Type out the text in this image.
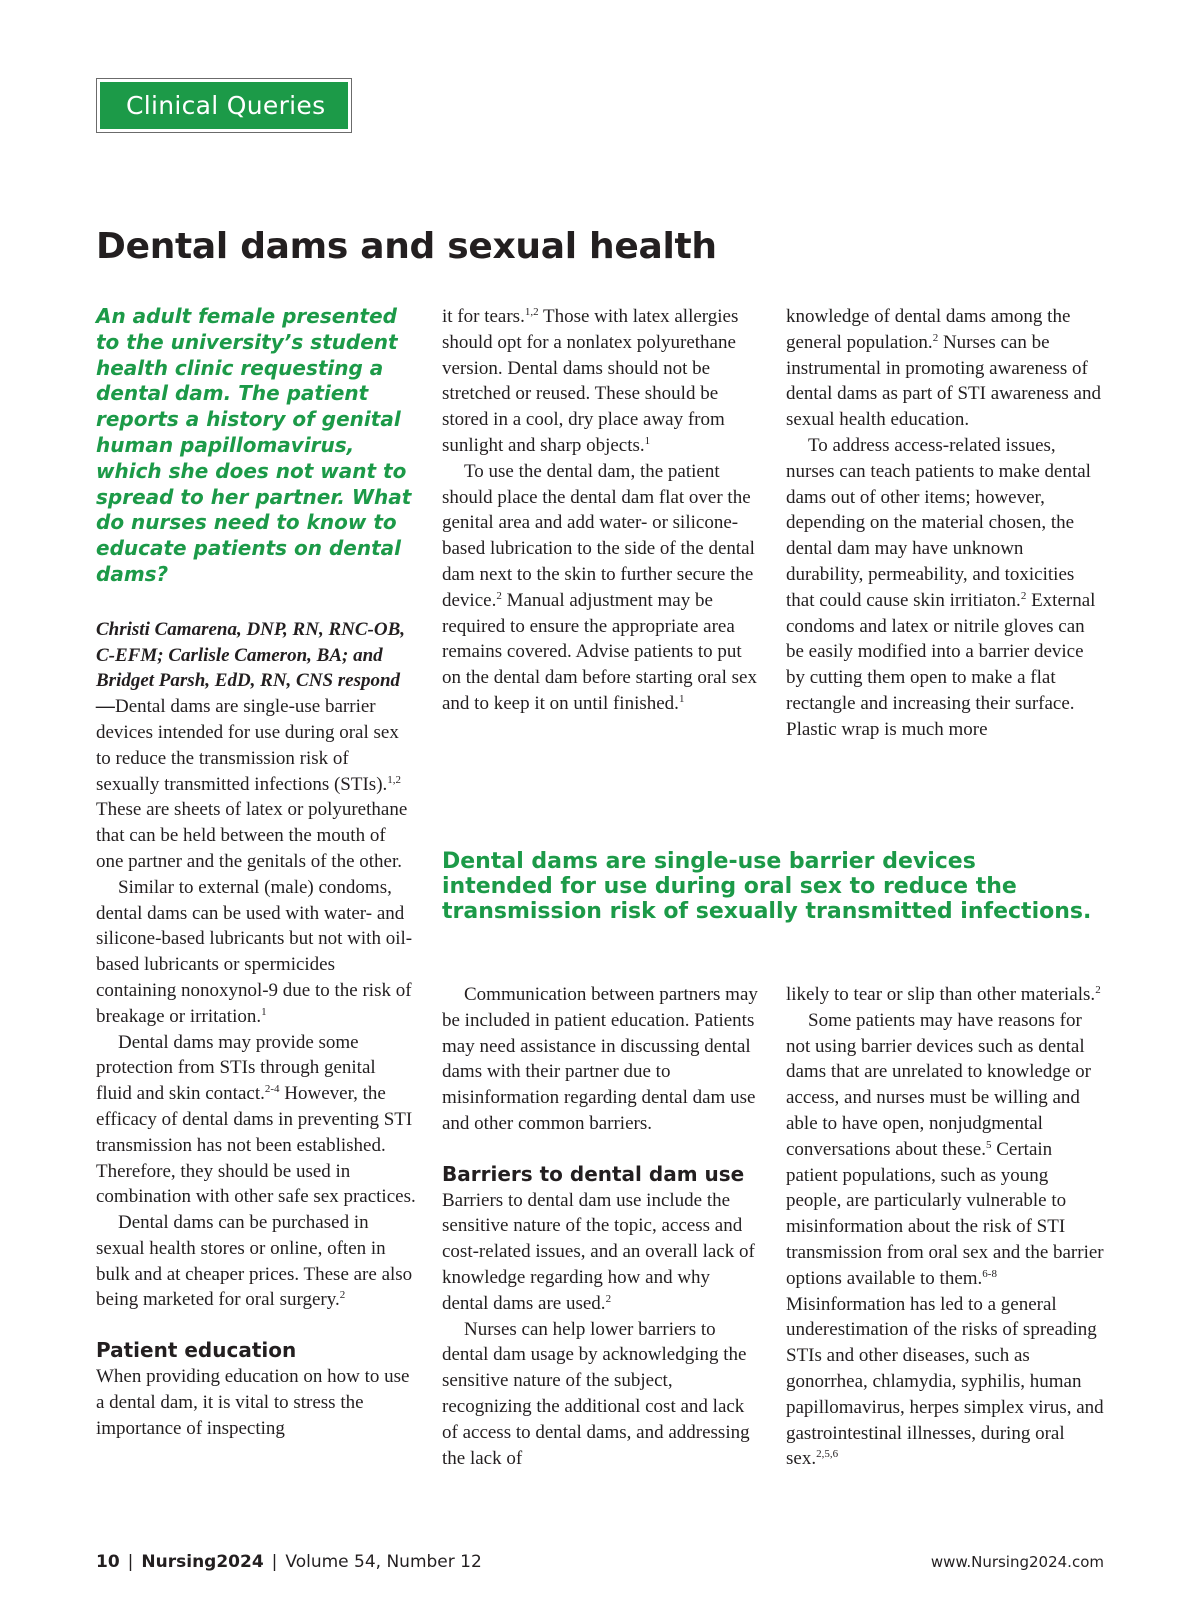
Clinical Queries
Dental dams and sexual health

An adult female presented to the university’s student health clinic requesting a dental dam. The patient reports a history of genital human papillomavirus, which she does not want to spread to her partner. What do nurses need to know to educate patients on dental dams?

Christi Camarena, DNP, RN, RNC-OB, C-EFM; Carlisle Cameron, BA; and Bridget Parsh, EdD, RN, CNS respond—Dental dams are single-use barrier devices intended for use during oral sex to reduce the transmission risk of sexually transmitted infections (STIs).$^{1,2}$ These are sheets of latex or polyurethane that can be held between the mouth of one partner and the genitals of the other.

Similar to external (male) condoms, dental dams can be used with water- and silicone-based lubricants but not with oil-based lubricants or spermicides containing nonoxynol-9 due to the risk of breakage or irritation.$^1$

Dental dams may provide some protection from STIs through genital fluid and skin contact.$^{2-4}$ However, the efficacy of dental dams in preventing STI transmission has not been established. Therefore, they should be used in combination with other safe sex practices.

Dental dams can be purchased in sexual health stores or online, often in bulk and at cheaper prices. These are also being marketed for oral surgery.$^2$

Patient education

When providing education on how to use a dental dam, it is vital to stress the importance of inspecting

it for tears.$^{1,2}$ Those with latex allergies should opt for a nonlatex polyurethane version. Dental dams should not be stretched or reused. These should be stored in a cool, dry place away from sunlight and sharp objects.$^1$

To use the dental dam, the patient should place the dental dam flat over the genital area and add water- or silicone-based lubrication to the side of the dental dam next to the skin to further secure the device.$^2$ Manual adjustment may be required to ensure the appropriate area remains covered. Advise patients to put on the dental dam before starting oral sex and to keep it on until finished.$^1$

knowledge of dental dams among the general population.$^2$ Nurses can be instrumental in promoting awareness of dental dams as part of STI awareness and sexual health education.

To address access-related issues, nurses can teach patients to make dental dams out of other items; however, depending on the material chosen, the dental dam may have unknown durability, permeability, and toxicities that could cause skin irritiaton.$^2$ External condoms and latex or nitrile gloves can be easily modified into a barrier device by cutting them open to make a flat rectangle and increasing their surface. Plastic wrap is much more

Dental dams are single-use barrier devices intended for use during oral sex to reduce the transmission risk of sexually transmitted infections.

Communication between partners may be included in patient education. Patients may need assistance in discussing dental dams with their partner due to misinformation regarding dental dam use and other common barriers.

Barriers to dental dam use

Barriers to dental dam use include the sensitive nature of the topic, access and cost-related issues, and an overall lack of knowledge regarding how and why dental dams are used.$^2$

Nurses can help lower barriers to dental dam usage by acknowledging the sensitive nature of the subject, recognizing the additional cost and lack of access to dental dams, and addressing the lack of

likely to tear or slip than other materials.$^2$

Some patients may have reasons for not using barrier devices such as dental dams that are unrelated to knowledge or access, and nurses must be willing and able to have open, nonjudgmental conversations about these.$^5$ Certain patient populations, such as young people, are particularly vulnerable to misinformation about the risk of STI transmission from oral sex and the barrier options available to them.$^{6-8}$ Misinformation has led to a general underestimation of the risks of spreading STIs and other diseases, such as gonorrhea, chlamydia, syphilis, human papillomavirus, herpes simplex virus, and gastrointestinal illnesses, during oral sex.$^{2,5,6}$

10 | Nursing2024 | Volume 54, Number 12	www.Nursing2024.com
